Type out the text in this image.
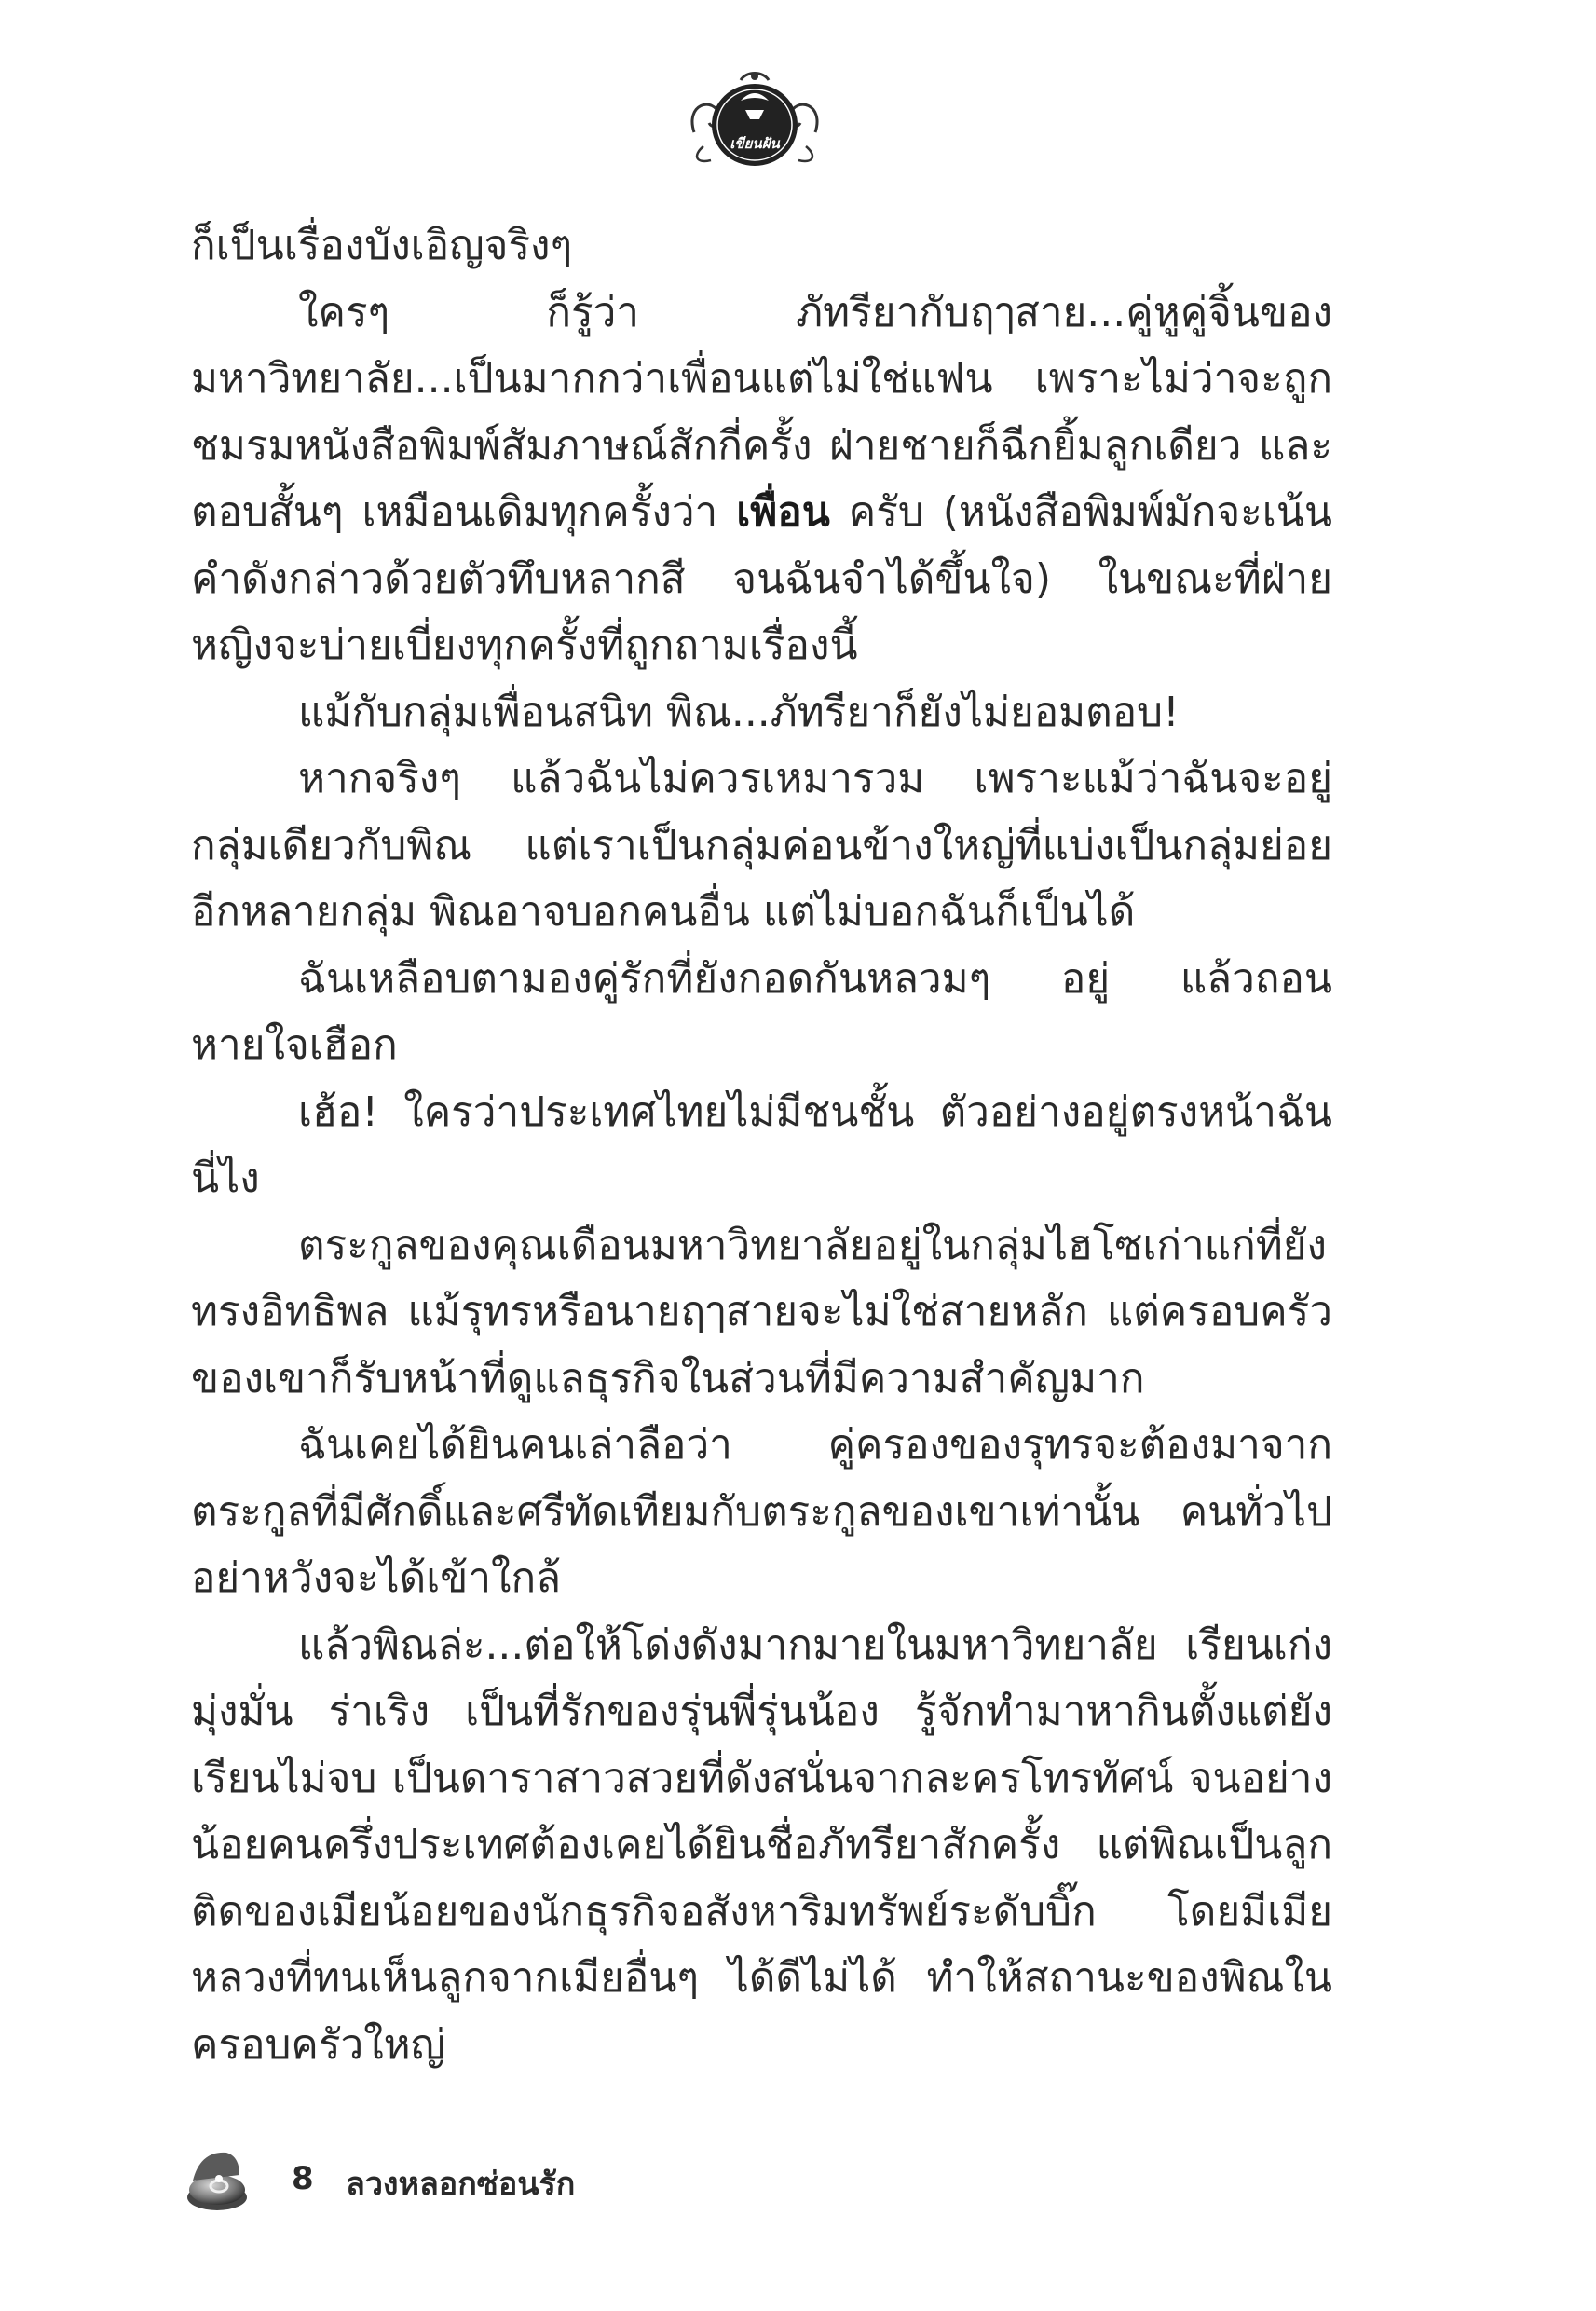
เขียนฝัน

ก็เป็นเรื่องบังเอิญจริงๆ

ใครๆ ก็รู้ว่า ภัทรียากับฤๅสาย...คู่หูคู่จิ้นของมหาวิทยาลัย...เป็นมากกว่าเพื่อนแต่ไม่ใช่แฟน เพราะไม่ว่าจะถูกชมรมหนังสือพิมพ์สัมภาษณ์สักกี่ครั้ง ฝ่ายชายก็ฉีกยิ้มลูกเดียว และตอบสั้นๆ เหมือนเดิมทุกครั้งว่า เพื่อน ครับ (หนังสือพิมพ์มักจะเน้นคำดังกล่าวด้วยตัวทึบหลากสี จนฉันจำได้ขึ้นใจ) ในขณะที่ฝ่ายหญิงจะบ่ายเบี่ยงทุกครั้งที่ถูกถามเรื่องนี้

แม้กับกลุ่มเพื่อนสนิท พิณ...ภัทรียาก็ยังไม่ยอมตอบ!

หากจริงๆ แล้วฉันไม่ควรเหมารวม เพราะแม้ว่าฉันจะอยู่กลุ่มเดียวกับพิณ แต่เราเป็นกลุ่มค่อนข้างใหญ่ที่แบ่งเป็นกลุ่มย่อยอีกหลายกลุ่ม พิณอาจบอกคนอื่น แต่ไม่บอกฉันก็เป็นได้

ฉันเหลือบตามองคู่รักที่ยังกอดกันหลวมๆ อยู่ แล้วถอนหายใจเฮือก

เฮ้อ! ใครว่าประเทศไทยไม่มีชนชั้น ตัวอย่างอยู่ตรงหน้าฉันนี่ไง

ตระกูลของคุณเดือนมหาวิทยาลัยอยู่ในกลุ่มไฮโซเก่าแก่ที่ยังทรงอิทธิพล แม้รุทรหรือนายฤๅสายจะไม่ใช่สายหลัก แต่ครอบครัวของเขาก็รับหน้าที่ดูแลธุรกิจในส่วนที่มีความสำคัญมาก

ฉันเคยได้ยินคนเล่าลือว่า คู่ครองของรุทรจะต้องมาจากตระกูลที่มีศักดิ์และศรีทัดเทียมกับตระกูลของเขาเท่านั้น คนทั่วไปอย่าหวังจะได้เข้าใกล้

แล้วพิณล่ะ...ต่อให้โด่งดังมากมายในมหาวิทยาลัย เรียนเก่ง มุ่งมั่น ร่าเริง เป็นที่รักของรุ่นพี่รุ่นน้อง รู้จักทำมาหากินตั้งแต่ยังเรียนไม่จบ เป็นดาราสาวสวยที่ดังสนั่นจากละครโทรทัศน์ จนอย่างน้อยคนครึ่งประเทศต้องเคยได้ยินชื่อภัทรียาสักครั้ง แต่พิณเป็นลูกติดของเมียน้อยของนักธุรกิจอสังหาริมทรัพย์ระดับบิ๊ก โดยมีเมียหลวงที่ทนเห็นลูกจากเมียอื่นๆ ได้ดีไม่ได้ ทำให้สถานะของพิณในครอบครัวใหญ่

8 ลวงหลอกซ่อนรัก
